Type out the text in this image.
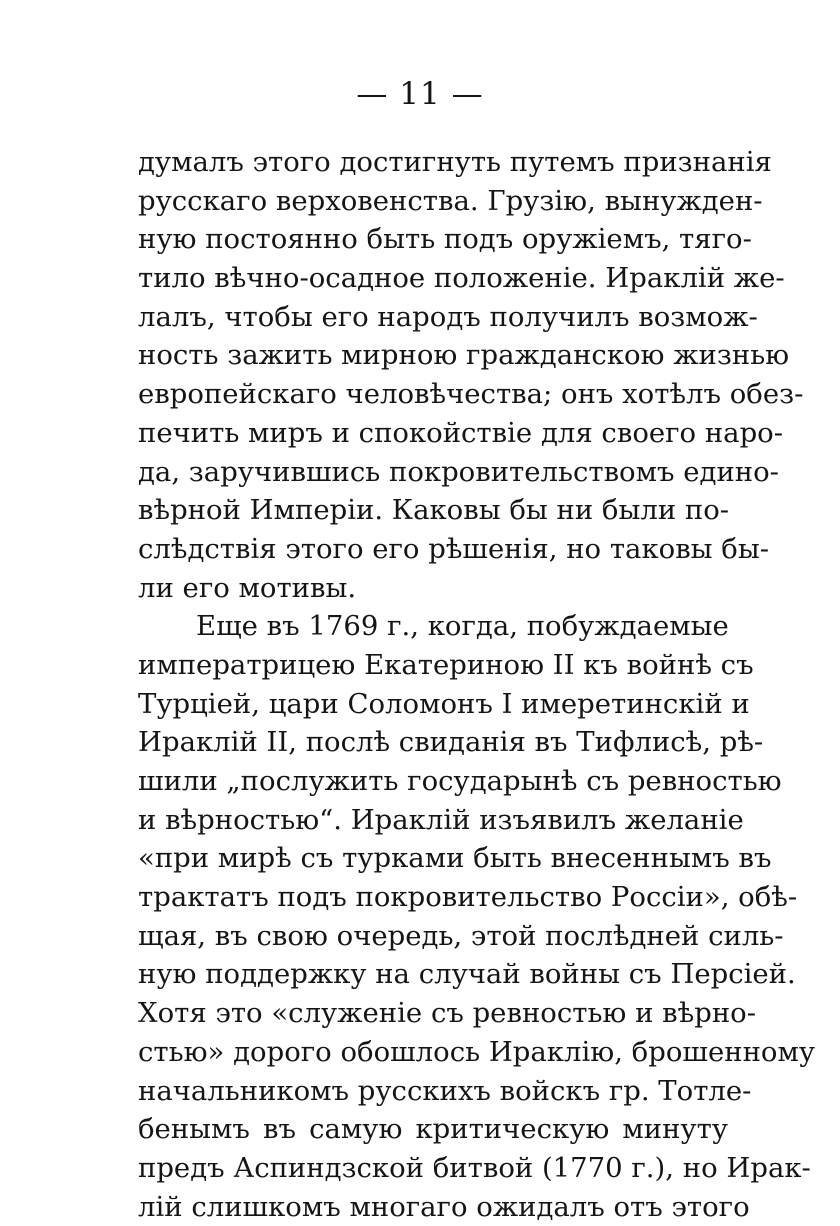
— 11 —
думалъ этого достигнуть путемъ признанія
русскаго верховенства. Грузію, вынужден-
ную постоянно быть подъ оружіемъ, тяго-
тило вѣчно-осадное положеніе. Ираклій же-
лалъ, чтобы его народъ получилъ возмож-
ность зажить мирною гражданскою жизнью
европейскаго человѣчества; онъ хотѣлъ обез-
печить миръ и спокойствіе для своего наро-
да, заручившись покровительствомъ едино-
вѣрной Имперіи. Каковы бы ни были по-
слѣдствія этого его рѣшенія, но таковы бы-
ли его мотивы.
Еще въ 1769 г., когда, побуждаемые
императрицею Екатериною II къ войнѣ съ
Турціей, цари Соломонъ I имеретинскій и
Ираклій II, послѣ свиданія въ Тифлисѣ, рѣ-
шили „послужить государынѣ съ ревностью
и вѣрностью“. Ираклій изъявилъ желаніе
«при мирѣ съ турками быть внесеннымъ въ
трактатъ подъ покровительство Россіи», обѣ-
щая, въ свою очередь, этой послѣдней силь-
ную поддержку на случай войны съ Персіей.
Хотя это «служеніе съ ревностью и вѣрно-
стью» дорого обошлось Ираклію, брошенному
начальникомъ русскихъ войскъ гр. Тотле-
бенымъ въ самую критическую минуту
предъ Аспиндзской битвой (1770 г.), но Ирак-
лій слишкомъ многаго ожидалъ отъ этого
